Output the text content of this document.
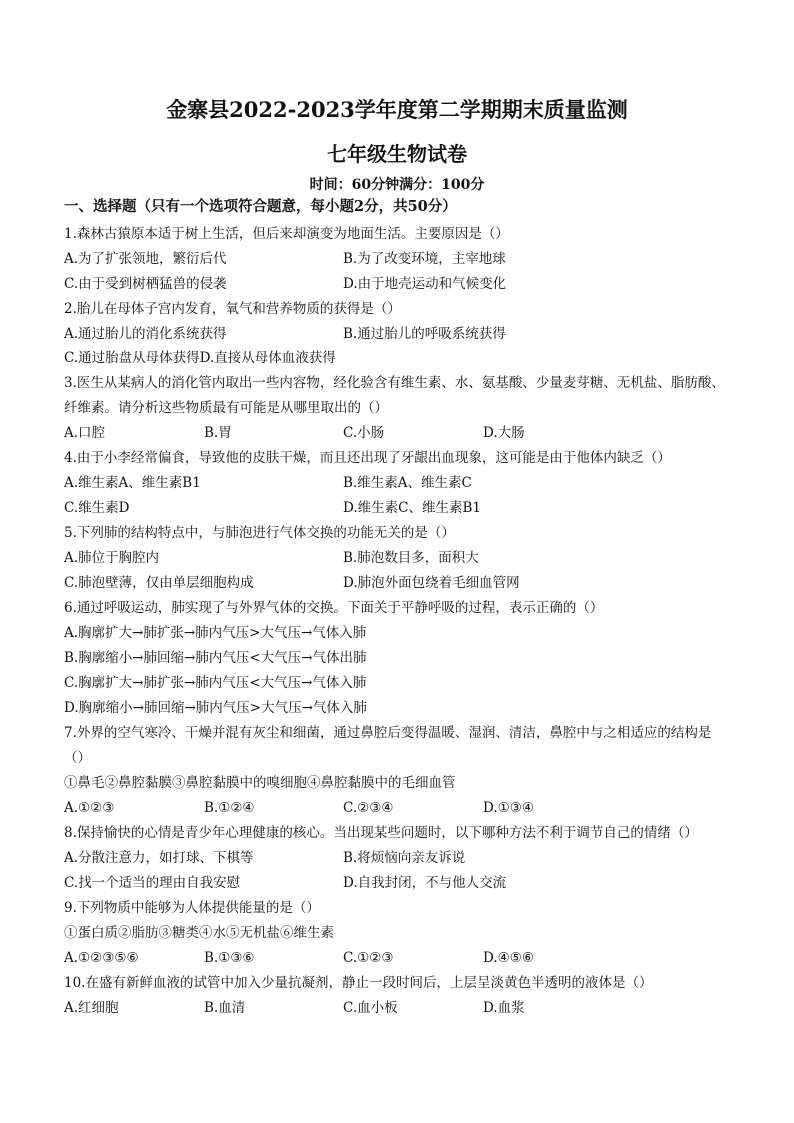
金寨县2022-2023学年度第二学期期末质量监测
七年级生物试卷
时间：60分钟满分：100分
一、选择题（只有一个选项符合题意，每小题2分，共50分）
1.森林古猿原本适于树上生活，但后来却演变为地面生活。主要原因是（）
A.为了扩张领地，繁衍后代	B.为了改变环境，主宰地球
C.由于受到树栖猛兽的侵袭	D.由于地壳运动和气候变化
2.胎儿在母体子宫内发育，氧气和营养物质的获得是（）
A.通过胎儿的消化系统获得	B.通过胎儿的呼吸系统获得
C.通过胎盘从母体获得D.直接从母体血液获得
3.医生从某病人的消化管内取出一些内容物，经化验含有维生素、水、氨基酸、少量麦芽糖、无机盐、脂肪酸、
纤维素。请分析这些物质最有可能是从哪里取出的（）
A.口腔	B.胃	C.小肠	D.大肠
4.由于小李经常偏食，导致他的皮肤干燥，而且还出现了牙龈出血现象，这可能是由于他体内缺乏（）
A.维生素A、维生素B1	B.维生素A、维生素C
C.维生素D	D.维生素C、维生素B1
5.下列肺的结构特点中，与肺泡进行气体交换的功能无关的是（）
A.肺位于胸腔内	B.肺泡数目多，面积大
C.肺泡壁薄，仅由单层细胞构成	D.肺泡外面包绕着毛细血管网
6.通过呼吸运动，肺实现了与外界气体的交换。下面关于平静呼吸的过程，表示正确的（）
A.胸廓扩大→肺扩张→肺内气压>大气压→气体入肺
B.胸廓缩小→肺回缩→肺内气压<大气压→气体出肺
C.胸廓扩大→肺扩张→肺内气压<大气压→气体入肺
D.胸廓缩小→肺回缩→肺内气压>大气压→气体入肺
7.外界的空气寒冷、干燥并混有灰尘和细菌，通过鼻腔后变得温暖、湿润、清洁，鼻腔中与之相适应的结构是
（）
①鼻毛②鼻腔黏膜③鼻腔黏膜中的嗅细胞④鼻腔黏膜中的毛细血管
A.①②③	B.①②④	C.②③④	D.①③④
8.保持愉快的心情是青少年心理健康的核心。当出现某些问题时，以下哪种方法不利于调节自己的情绪（）
A.分散注意力，如打球、下棋等	B.将烦恼向亲友诉说
C.找一个适当的理由自我安慰	D.自我封闭，不与他人交流
9.下列物质中能够为人体提供能量的是（）
①蛋白质②脂肪③糖类④水⑤无机盐⑥维生素
A.①②③⑤⑥	B.①③⑥	C.①②③	D.④⑤⑥
10.在盛有新鲜血液的试管中加入少量抗凝剂，静止一段时间后，上层呈淡黄色半透明的液体是（）
A.红细胞	B.血清	C.血小板	D.血浆
